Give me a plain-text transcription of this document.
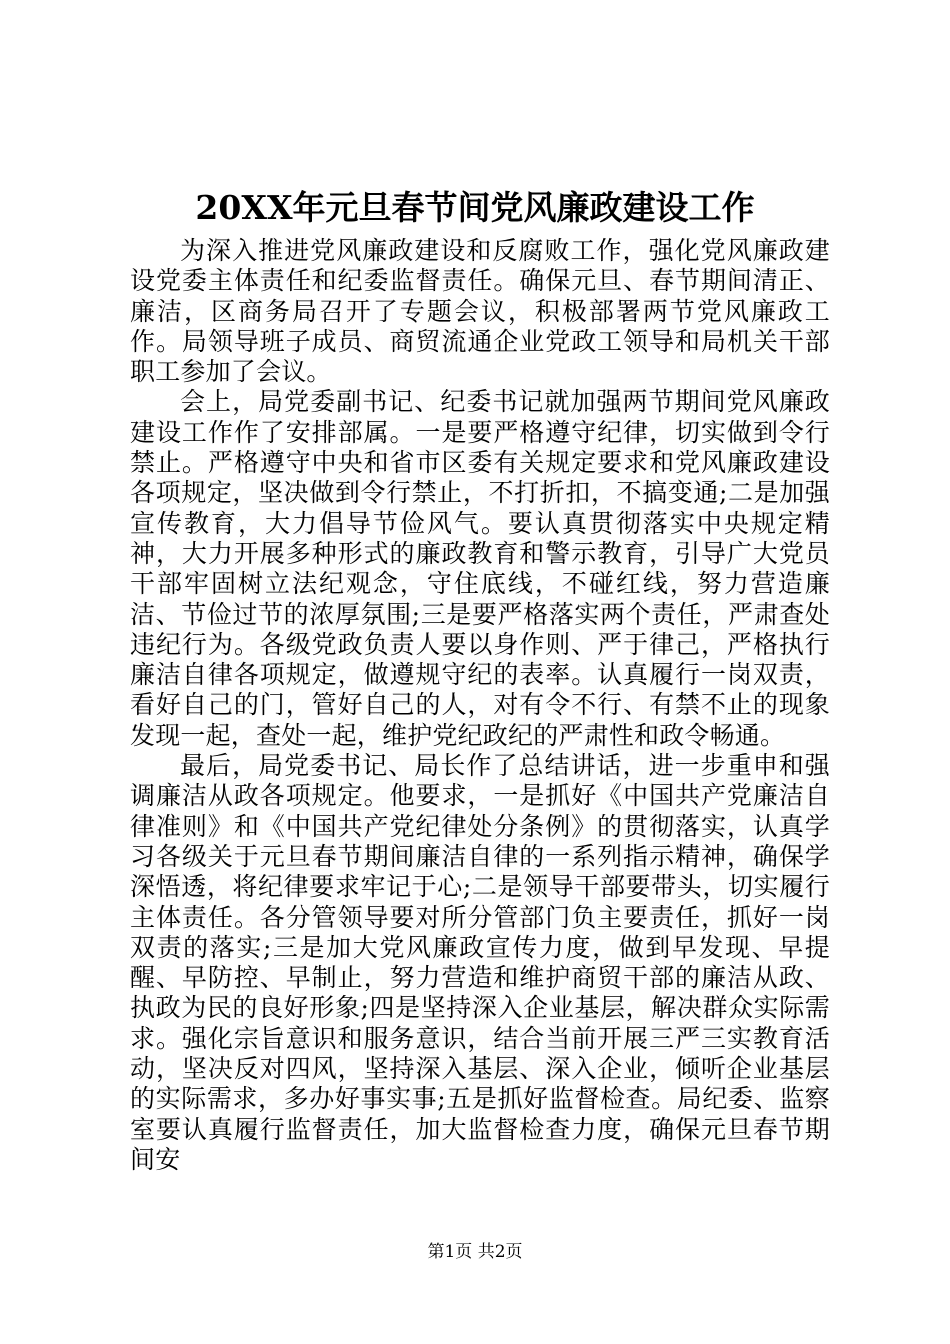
20XX年元旦春节间党风廉政建设工作

为深入推进党风廉政建设和反腐败工作，强化党风廉政建设党委主体责任和纪委监督责任。确保元旦、春节期间清正、廉洁，区商务局召开了专题会议，积极部署两节党风廉政工作。局领导班子成员、商贸流通企业党政工领导和局机关干部职工参加了会议。

会上，局党委副书记、纪委书记就加强两节期间党风廉政建设工作作了安排部属。一是要严格遵守纪律，切实做到令行禁止。严格遵守中央和省市区委有关规定要求和党风廉政建设各项规定，坚决做到令行禁止，不打折扣，不搞变通;二是加强宣传教育，大力倡导节俭风气。要认真贯彻落实中央规定精神，大力开展多种形式的廉政教育和警示教育，引导广大党员干部牢固树立法纪观念，守住底线，不碰红线，努力营造廉洁、节俭过节的浓厚氛围;三是要严格落实两个责任，严肃查处违纪行为。各级党政负责人要以身作则、严于律己，严格执行廉洁自律各项规定，做遵规守纪的表率。认真履行一岗双责，看好自己的门，管好自己的人，对有令不行、有禁不止的现象发现一起，查处一起，维护党纪政纪的严肃性和政令畅通。

最后，局党委书记、局长作了总结讲话，进一步重申和强调廉洁从政各项规定。他要求，一是抓好《中国共产党廉洁自律准则》和《中国共产党纪律处分条例》的贯彻落实，认真学习各级关于元旦春节期间廉洁自律的一系列指示精神，确保学深悟透，将纪律要求牢记于心;二是领导干部要带头，切实履行主体责任。各分管领导要对所分管部门负主要责任，抓好一岗双责的落实;三是加大党风廉政宣传力度，做到早发现、早提醒、早防控、早制止，努力营造和维护商贸干部的廉洁从政、执政为民的良好形象;四是坚持深入企业基层，解决群众实际需求。强化宗旨意识和服务意识，结合当前开展三严三实教育活动，坚决反对四风，坚持深入基层、深入企业，倾听企业基层的实际需求，多办好事实事;五是抓好监督检查。局纪委、监察室要认真履行监督责任，加大监督检查力度，确保元旦春节期间安

第1页 共2页
